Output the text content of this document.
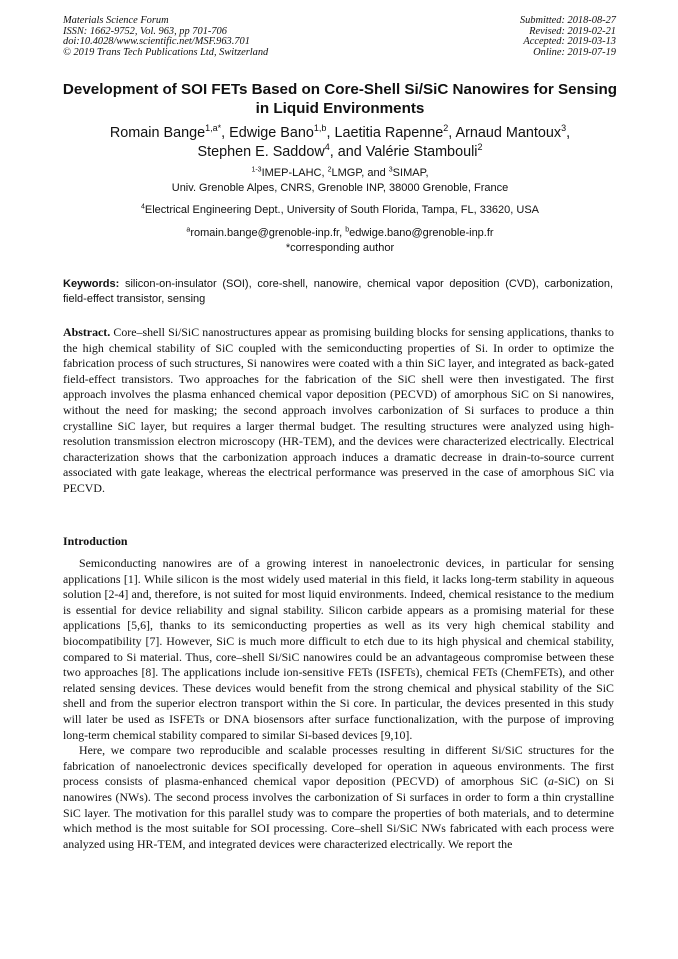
Materials Science Forum
ISSN: 1662-9752, Vol. 963, pp 701-706
doi:10.4028/www.scientific.net/MSF.963.701
© 2019 Trans Tech Publications Ltd, Switzerland
Submitted: 2018-08-27
Revised: 2019-02-21
Accepted: 2019-03-13
Online: 2019-07-19
Development of SOI FETs Based on Core-Shell Si/SiC Nanowires for Sensing in Liquid Environments
Romain Bange$^{1,a*}$, Edwige Bano$^{1,b}$, Laetitia Rapenne$^2$, Arnaud Mantoux$^3$,
Stephen E. Saddow$^4$, and Valérie Stambouli$^2$
$^{1-3}$IMEP-LAHC, $^2$LMGP, and $^3$SIMAP,
Univ. Grenoble Alpes, CNRS, Grenoble INP, 38000 Grenoble, France
$^4$Electrical Engineering Dept., University of South Florida, Tampa, FL, 33620, USA
$^a$romain.bange@grenoble-inp.fr, $^b$edwige.bano@grenoble-inp.fr
*corresponding author
Keywords: silicon-on-insulator (SOI), core-shell, nanowire, chemical vapor deposition (CVD), carbonization, field-effect transistor, sensing
Abstract. Core–shell Si/SiC nanostructures appear as promising building blocks for sensing applications, thanks to the high chemical stability of SiC coupled with the semiconducting properties of Si. In order to optimize the fabrication process of such structures, Si nanowires were coated with a thin SiC layer, and integrated as back-gated field-effect transistors. Two approaches for the fabrication of the SiC shell were then investigated. The first approach involves the plasma enhanced chemical vapor deposition (PECVD) of amorphous SiC on Si nanowires, without the need for masking; the second approach involves carbonization of Si surfaces to produce a thin crystalline SiC layer, but requires a larger thermal budget. The resulting structures were analyzed using high-resolution transmission electron microscopy (HR-TEM), and the devices were characterized electrically. Electrical characterization shows that the carbonization approach induces a dramatic decrease in drain-to-source current associated with gate leakage, whereas the electrical performance was preserved in the case of amorphous SiC via PECVD.
Introduction

Semiconducting nanowires are of a growing interest in nanoelectronic devices, in particular for sensing applications [1]. While silicon is the most widely used material in this field, it lacks long-term stability in aqueous solution [2-4] and, therefore, is not suited for most liquid environments. Indeed, chemical resistance to the medium is essential for device reliability and signal stability. Silicon carbide appears as a promising material for these applications [5,6], thanks to its semiconducting properties as well as its very high chemical stability and biocompatibility [7]. However, SiC is much more difficult to etch due to its high physical and chemical stability, compared to Si material. Thus, core–shell Si/SiC nanowires could be an advantageous compromise between these two approaches [8]. The applications include ion-sensitive FETs (ISFETs), chemical FETs (ChemFETs), and other related sensing devices. These devices would benefit from the strong chemical and physical stability of the SiC shell and from the superior electron transport within the Si core. In particular, the devices presented in this study will later be used as ISFETs or DNA biosensors after surface functionalization, with the purpose of improving long-term chemical stability compared to similar Si-based devices [9,10].

Here, we compare two reproducible and scalable processes resulting in different Si/SiC structures for the fabrication of nanoelectronic devices specifically developed for operation in aqueous environments. The first process consists of plasma-enhanced chemical vapor deposition (PECVD) of amorphous SiC (a-SiC) on Si nanowires (NWs). The second process involves the carbonization of Si surfaces in order to form a thin crystalline SiC layer. The motivation for this parallel study was to compare the properties of both materials, and to determine which method is the most suitable for SOI processing. Core–shell Si/SiC NWs fabricated with each process were analyzed using HR-TEM, and integrated devices were characterized electrically. We report the
